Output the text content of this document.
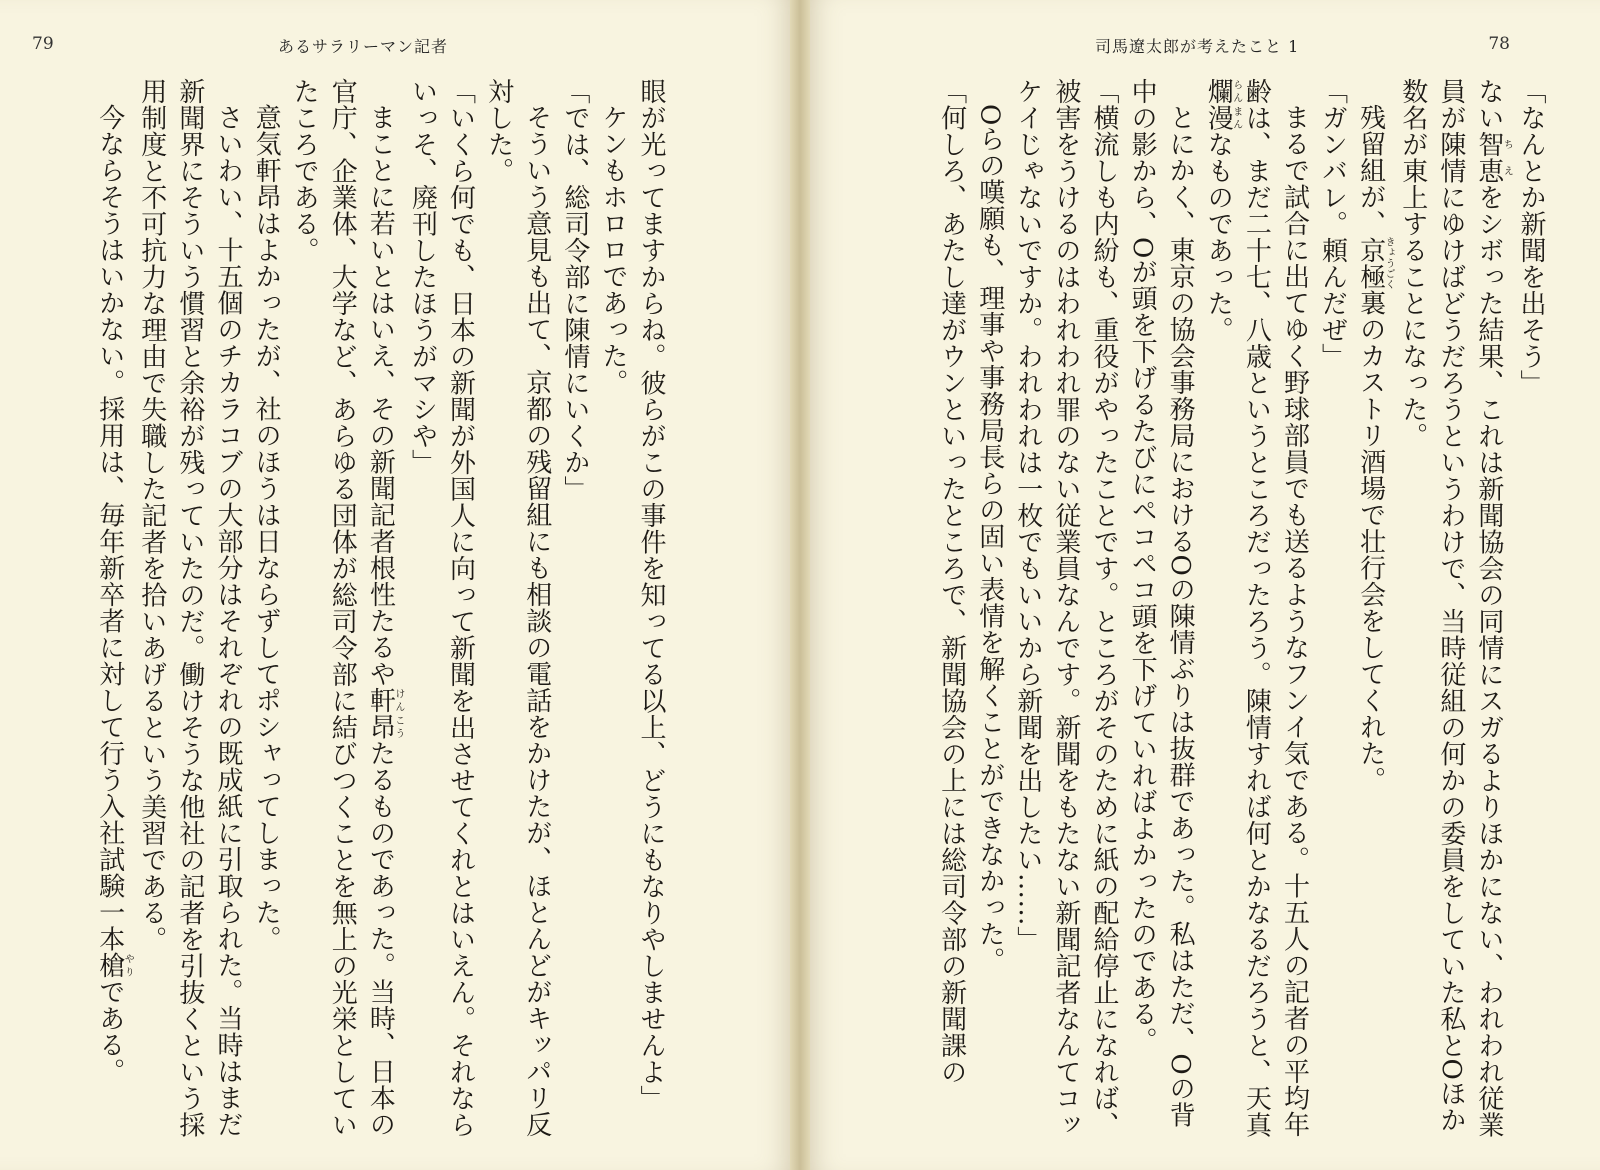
79	あるサラリーマン記者

眼が光ってますからね。彼らがこの事件を知ってる以上、どうにもなりやしませんよ」

ケンもホロロであった。

「では、総司令部に陳情にいくか」

そういう意見も出て、京都の残留組にも相談の電話をかけたが、ほとんどがキッパリ反対した。

「いくら何でも、日本の新聞が外国人に向って新聞を出させてくれとはいえん。それならいっそ、廃刊したほうがマシや」

まことに若いとはいえ、その新聞記者根性たるや軒昂けんこうたるものであった。当時、日本の官庁、企業体、大学など、あらゆる団体が総司令部に結びつくことを無上の光栄としていたころである。

意気軒昂はよかったが、社のほうは日ならずしてポシャってしまった。

さいわい、十五個のチカラコブの大部分はそれぞれの既成紙に引取られた。当時はまだ新聞界にそういう慣習と余裕が残っていたのだ。働けそうな他社の記者を引抜くという採用制度と不可抗力な理由で失職した記者を拾いあげるという美習である。

今ならそうはいかない。採用は、毎年新卒者に対して行う入社試験一本槍やりである。

司馬遼太郎が考えたこと 1	78

「なんとか新聞を出そう」

ない智恵ちえをシボった結果、これは新聞協会の同情にスガるよりほかにない、われわれ従業員が陳情にゆけばどうだろうというわけで、当時従組の何かの委員をしていた私とOほか数名が東上することになった。

残留組が、京極きょうごく裏のカストリ酒場で壮行会をしてくれた。

「ガンバレ。頼んだぜ」

まるで試合に出てゆく野球部員でも送るようなフンイ気である。十五人の記者の平均年齢は、まだ二十七、八歳というところだったろう。陳情すれば何とかなるだろうと、天真爛漫らんまんなものであった。

とにかく、東京の協会事務局におけるOの陳情ぶりは抜群であった。私はただ、Oの背中の影から、Oが頭を下げるたびにペコペコ頭を下げていればよかったのである。

「横流しも内紛も、重役がやったことです。ところがそのために紙の配給停止になれば、被害をうけるのはわれわれ罪のない従業員なんです。新聞をもたない新聞記者なんてコッケイじゃないですか。われわれは一枚でもいいから新聞を出したい……」

Oらの嘆願も、理事や事務局長らの固い表情を解くことができなかった。

「何しろ、あたし達がウンといったところで、新聞協会の上には総司令部の新聞課の
